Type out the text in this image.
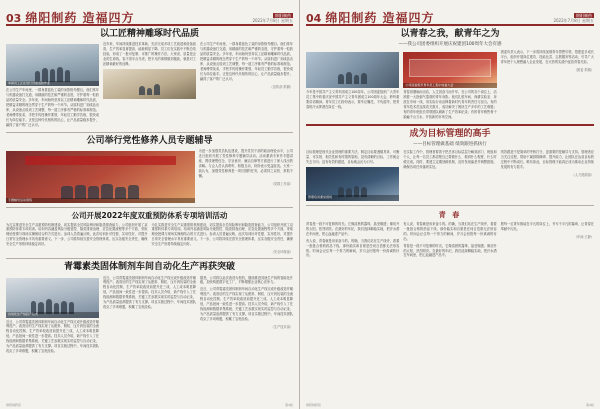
03 绵阳制药 造福四方	绵阳制药
2022年7月8日 星期五
以工匠精神雕琢时代品质
车间员工正在进行设备巡检作业

在公司生产车间里，一群身着蓝色工装的身影格外醒目。他们常年与机器设备打交道，用精湛的技艺和严谨的态度，守护着每一粒药品的质量安全。多年来，车间始终坚持以工匠精神雕琢时代品质，把精益求精的理念贯穿于生产的每一个环节。从原料进厂到成品出库，从设备点检到工艺调整，每一道工序都有严格的标准和规范。老师傅带徒弟，手把手传授操作要领，年轻员工勤学苦练，很快成长为岗位能手。正是这种代代相传的匠心，让产品质量稳步提升，赢得了客户的广泛认可。

近年来，车间持续推进技术革新，先后完成多项工艺改进和设备改造，生产效率显著提高，能耗明显下降。员工们在实践中不断总结经验，形成了一批可复制、可推广的操作方法。大家说，质量是企业的生命线，容不得半点马虎。把平凡的事情做到极致，就是对工匠精神最好的诠释。

在公司生产车间里，一群身着蓝色工装的身影格外醒目。他们常年与机器设备打交道，用精湛的技艺和严谨的态度，守护着每一粒药品的质量安全。多年来，车间始终坚持以工匠精神雕琢时代品质，把精益求精的理念贯穿于生产的每一个环节。从原料进厂到成品出库，从设备点检到工艺调整，每一道工序都有严格的标准和规范。老师傅带徒弟，手把手传授操作要领，年轻员工勤学苦练，很快成长为岗位能手。正是这种代代相传的匠心，让产品质量稳步提升，赢得了客户的广泛认可。

（宣传部 供稿）
公司举行党性修养人员专题辅导
专题辅导活动现场

为进一步加强党员队伍建设，提升党员干部的政治理论水平，公司近日组织开展了党性修养专题辅导活动。活动邀请专家作专题讲座，围绕理想信念、宗旨意识、廉洁自律等方面进行了深入浅出的讲解。与会人员认真聆听，积极互动，纷纷表示受益匪浅。大家一致认为，加强党性修养是一项长期的任务，必须持之以恒、常抓不懈。

（党群工作部）
公司开展2022年度双重预防体系专项培训活动

为扎实推进安全生产双重预防机制建设，切实提高全员风险辨识和隐患排查能力，公司组织开展了双重预防体系专项培训。培训内容涵盖风险分级管控、隐患排查治理、应急处置流程等多个方面，采取理论授课与现场实操相结合的方式进行。参训人员普遍反映，此次培训针对性强、实用性好，对提升日常安全管理水平具有重要意义。下一步，公司将持续完善安全管理体系，压实各级安全责任，确保安全生产形势持续稳定向好。

为扎实推进安全生产双重预防机制建设，切实提高全员风险辨识和隐患排查能力，公司组织开展了双重预防体系专项培训。培训内容涵盖风险分级管控、隐患排查治理、应急处置流程等多个方面，采取理论授课与现场实操相结合的方式进行。参训人员普遍反映，此次培训针对性强、实用性好，对提升日常安全管理水平具有重要意义。下一步，公司将持续完善安全管理体系，压实各级安全责任，确保安全生产形势持续稳定向好。

（安全环保部）
青霉素类固体制剂车间自动化生产再获突破
自动化生产线投产仪式

近日，公司青霉素类固体制剂车间自动化生产线完成升级改造并顺利投产。改造后的生产线实现了从配料、制粒、压片到包装的全流程自动化控制，生产效率较改造前提升近三成，人工成本明显降低，产品批间一致性进一步提高。技术人员介绍，新产线引入了在线检测和数据采集系统，关键工艺参数实现实时监控与自动记录，为产品质量追溯提供了有力支撑。项目实施过程中，车间技术团队攻克了多项难题，积累了宝贵经验。

近日，公司青霉素类固体制剂车间自动化生产线完成升级改造并顺利投产。改造后的生产线实现了从配料、制粒、压片到包装的全流程自动化控制，生产效率较改造前提升近三成，人工成本明显降低，产品批间一致性进一步提高。技术人员介绍，新产线引入了在线检测和数据采集系统，关键工艺参数实现实时监控与自动记录，为产品质量追溯提供了有力支撑。项目实施过程中，车间技术团队攻克了多项难题，积累了宝贵经验。

据悉，公司将以此次改造为契机，继续推进其他生产线的智能化升级，加快构建数字化工厂，不断增强企业核心竞争力。

近日，公司青霉素类固体制剂车间自动化生产线完成升级改造并顺利投产。改造后的生产线实现了从配料、制粒、压片到包装的全流程自动化控制，生产效率较改造前提升近三成，人工成本明显降低，产品批间一致性进一步提高。技术人员介绍，新产线引入了在线检测和数据采集系统，关键工艺参数实现实时监控与自动记录，为产品质量追溯提供了有力支撑。项目实施过程中，车间技术团队攻克了多项难题，积累了宝贵经验。

（生产技术部）
绵阳制药报	第3版
04 绵阳制药 造福四方	绵阳制药
2022年7月8日 星期五
以青春之我，献青年之为
——我公司团委组织开展庆祝建团100周年大会有感

今年是中国共产主义青年团成立100周年。公司团委组织广大青年员工集中收看庆祝中国共产主义青年团成立100周年大会，聆听重要讲话精神。青年员工们纷纷表示，要牢记嘱托，不负韶华，把青春的汗水挥洒在岗位一线。

公司团委组织青年员工集中收看大会

青春因磨砺而出彩，人生因奋斗而升华。在公司的各个岗位上，活跃着一大批朝气蓬勃的青年身影。他们扎根车间、深耕实验室、奔波在市场一线，用实际行动诠释着新时代青年的责任与担当。有的青年技术员连续攻关数月，成功解决了困扰生产多年的工艺难题；有的青年班组长带领团队刷新了生产效率纪录；有的青年销售骨干踏遍千山万水，开拓新的市场空间。

团委负责人表示，下一步将持续加强青年思想引领，搭建更多成长平台，组织开展岗位建功、技能比武、志愿服务等活动，引导广大青年把个人理想融入企业发展，在火热的实践中绽放青春光彩。

（团委 供稿）
成为目标管理的高手
——目标管理做基础 绩效跟进抓执行

目标管理是现代企业管理的重要方法。制定目标要遵循具体、可衡量、可实现、相关性和有时限的原则。没有清晰的目标，工作就会失去方向；没有有效的跟进，目标就会沦为口号。

管理培训课堂现场

在实际工作中，管理者要善于把总体目标层层分解到部门、班组和个人，让每一名员工都清楚自己要做什么、做到什么程度、什么时候完成。同时，要建立定期回顾机制，及时发现偏差并调整措施，确保各项任务落到实处。

绩效跟进不是简单的考核打分，更重要的是辅导与支持。管理者应当关注过程，帮助下属排除障碍、提升能力，让团队在达成目标的过程中不断成长。唯有如此，目标管理才能真正成为推动企业持续发展的有力抓手。

（人力资源部）
青 春

青春是一段不可复制的时光。它像清晨的露珠，晶莹剔透；像初升的太阳，热烈明亮。在最好的年纪，我们选择脚踏实地，把汗水洒在车间里，把心血融进产品中。

有人说，青春就是用来奋斗的。的确，当我们站在生产线旁，看着一批批合格的药品下线，那份踏实和自豪是任何言语都无法形容的。时间会记住每一个努力的瞬间，岁月会回报每一份真诚的付出。

有人说，青春就是用来奋斗的。的确，当我们站在生产线旁，看着一批批合格的药品下线，那份踏实和自豪是任何言语都无法形容的。时间会记住每一个努力的瞬间，岁月会回报每一份真诚的付出。

青春是一段不可复制的时光。它像清晨的露珠，晶莹剔透；像初升的太阳，热烈明亮。在最好的年纪，我们选择脚踏实地，把汗水洒在车间里，把心血融进产品中。

愿每一位青年都能在平凡的岗位上，书写不平凡的篇章，让青春在奉献中闪光。

（车间 王静）
绵阳制药报	第4版
